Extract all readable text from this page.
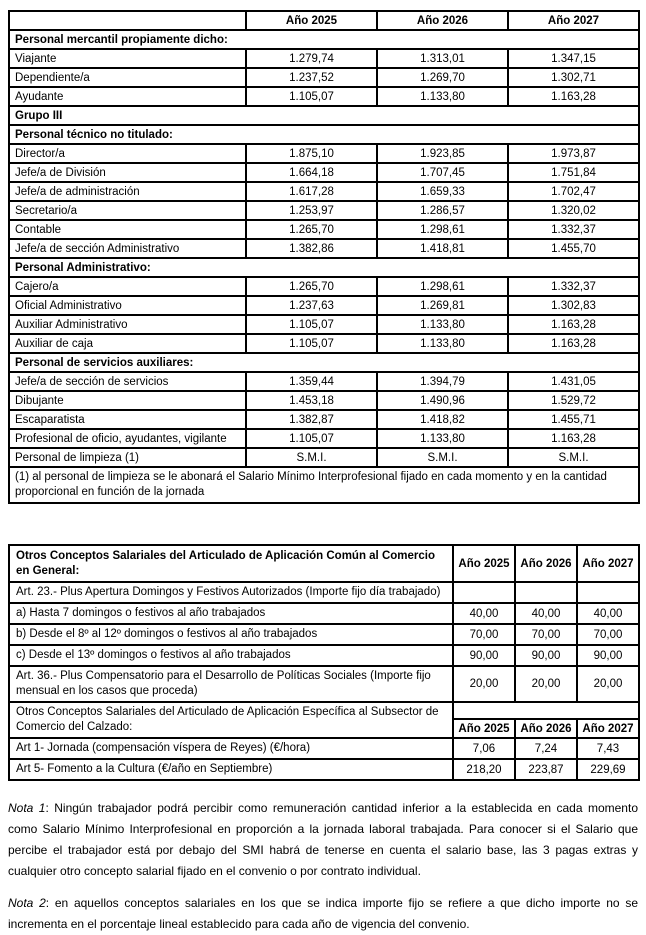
	Año 2025	Año 2026	Año 2027
Personal mercantil propiamente dicho:			
Viajante	1.279,74	1.313,01	1.347,15
Dependiente/a	1.237,52	1.269,70	1.302,71
Ayudante	1.105,07	1.133,80	1.163,28
Grupo III			
Personal técnico no titulado:			
Director/a	1.875,10	1.923,85	1.973,87
Jefe/a de División	1.664,18	1.707,45	1.751,84
Jefe/a de administración	1.617,28	1.659,33	1.702,47
Secretario/a	1.253,97	1.286,57	1.320,02
Contable	1.265,70	1.298,61	1.332,37
Jefe/a de sección Administrativo	1.382,86	1.418,81	1.455,70
Personal Administrativo:			
Cajero/a	1.265,70	1.298,61	1.332,37
Oficial Administrativo	1.237,63	1.269,81	1.302,83
Auxiliar Administrativo	1.105,07	1.133,80	1.163,28
Auxiliar de caja	1.105,07	1.133,80	1.163,28
Personal de servicios auxiliares:			
Jefe/a de sección de servicios	1.359,44	1.394,79	1.431,05
Dibujante	1.453,18	1.490,96	1.529,72
Escaparatista	1.382,87	1.418,82	1.455,71
Profesional de oficio, ayudantes, vigilante	1.105,07	1.133,80	1.163,28
Personal de limpieza (1)	S.M.I.	S.M.I.	S.M.I.
(1) al personal de limpieza se le abonará el Salario Mínimo Interprofesional fijado en cada momento y en la cantidad proporcional en función de la jornada			
Otros Conceptos Salariales del Articulado de Aplicación Común al Comercio en General:	Año 2025	Año 2026	Año 2027
Art. 23.- Plus Apertura Domingos y Festivos Autorizados (Importe fijo día trabajado)			
a) Hasta 7 domingos o festivos al año trabajados	40,00	40,00	40,00
b) Desde el 8º al 12º domingos o festivos al año trabajados	70,00	70,00	70,00
c) Desde el 13º domingos o festivos al año trabajados	90,00	90,00	90,00
Art. 36.- Plus Compensatorio para el Desarrollo de Políticas Sociales (Importe fijo mensual en los casos que proceda)	20,00	20,00	20,00
Otros Conceptos Salariales del Articulado de Aplicación Específica al Subsector de Comercio del Calzado:			
	Año 2025	Año 2026	Año 2027
Art 1- Jornada (compensación víspera de Reyes) (€/hora)	7,06	7,24	7,43
Art 5- Fomento a la Cultura (€/año en Septiembre)	218,20	223,87	229,69

Nota 1: Ningún trabajador podrá percibir como remuneración cantidad inferior a la establecida en cada momento como Salario Mínimo Interprofesional en proporción a la jornada laboral trabajada. Para conocer si el Salario que percibe el trabajador está por debajo del SMI habrá de tenerse en cuenta el salario base, las 3 pagas extras y cualquier otro concepto salarial fijado en el convenio o por contrato individual.

Nota 2: en aquellos conceptos salariales en los que se indica importe fijo se refiere a que dicho importe no se incrementa en el porcentaje lineal establecido para cada año de vigencia del convenio.
